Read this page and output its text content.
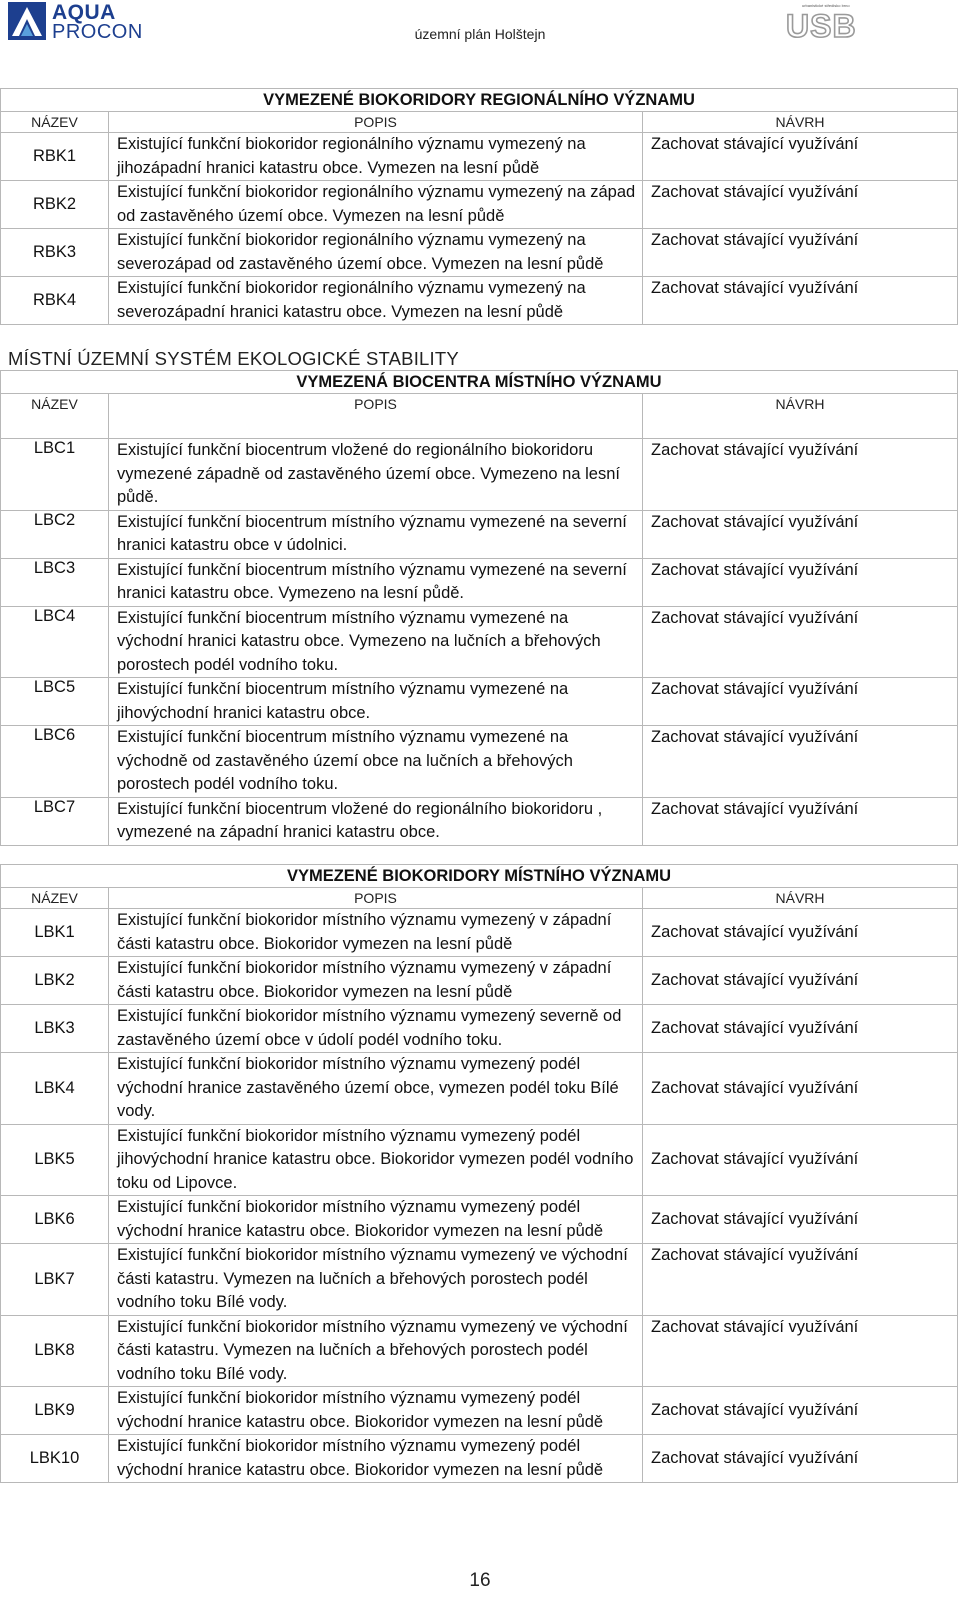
AQUA
PROCON	územní plán Holštejn
urbanistické středisko brno
USB
VYMEZENÉ BIOKORIDORY REGIONÁLNÍHO VÝZNAMU		
NÁZEV	POPIS	NÁVRH
RBK1	Existující funkční biokoridor regionálního významu vymezený na jihozápadní hranici katastru obce. Vymezen na lesní půdě	Zachovat stávající využívání
RBK2	Existující funkční biokoridor regionálního významu vymezený na západ od zastavěného území obce. Vymezen na lesní půdě	Zachovat stávající využívání
RBK3	Existující funkční biokoridor regionálního významu vymezený na severozápad od zastavěného území obce. Vymezen na lesní půdě	Zachovat stávající využívání
RBK4	Existující funkční biokoridor regionálního významu vymezený na severozápadní hranici katastru obce. Vymezen na lesní půdě	Zachovat stávající využívání
MÍSTNÍ ÚZEMNÍ SYSTÉM EKOLOGICKÉ STABILITY
VYMEZENÁ BIOCENTRA MÍSTNÍHO VÝZNAMU		
NÁZEV	POPIS	NÁVRH
LBC1	Existující funkční biocentrum vložené do regionálního biokoridoru vymezené západně od zastavěného území obce. Vymezeno na lesní půdě.	Zachovat stávající využívání
LBC2	Existující funkční biocentrum místního významu vymezené na severní hranici katastru obce v údolnici.	Zachovat stávající využívání
LBC3	Existující funkční biocentrum místního významu vymezené na severní hranici katastru obce. Vymezeno na lesní půdě.	Zachovat stávající využívání
LBC4	Existující funkční biocentrum místního významu vymezené na východní hranici katastru obce. Vymezeno na lučních a břehových porostech podél vodního toku.	Zachovat stávající využívání
LBC5	Existující funkční biocentrum místního významu vymezené na jihovýchodní hranici katastru obce.	Zachovat stávající využívání
LBC6	Existující funkční biocentrum místního významu vymezené na východně od zastavěného území obce na lučních a břehových porostech podél vodního toku.	Zachovat stávající využívání
LBC7	Existující funkční biocentrum vložené do regionálního biokoridoru , vymezené na západní hranici katastru obce.	Zachovat stávající využívání
VYMEZENÉ BIOKORIDORY MÍSTNÍHO VÝZNAMU		
NÁZEV	POPIS	NÁVRH
LBK1	Existující funkční biokoridor místního významu vymezený v západní části katastru obce. Biokoridor vymezen na lesní půdě	Zachovat stávající využívání
LBK2	Existující funkční biokoridor místního významu vymezený v západní části katastru obce. Biokoridor vymezen na lesní půdě	Zachovat stávající využívání
LBK3	Existující funkční biokoridor místního významu vymezený severně od zastavěného území obce v údolí podél vodního toku.	Zachovat stávající využívání
LBK4	Existující funkční biokoridor místního významu vymezený podél východní hranice zastavěného území obce, vymezen podél toku Bílé vody.	Zachovat stávající využívání
LBK5	Existující funkční biokoridor místního významu vymezený podél jihovýchodní hranice katastru obce. Biokoridor vymezen podél vodního toku od Lipovce.	Zachovat stávající využívání
LBK6	Existující funkční biokoridor místního významu vymezený podél východní hranice katastru obce. Biokoridor vymezen na lesní půdě	Zachovat stávající využívání
LBK7	Existující funkční biokoridor místního významu vymezený ve východní části katastru. Vymezen na lučních a břehových porostech podél vodního toku Bílé vody.	Zachovat stávající využívání
LBK8	Existující funkční biokoridor místního významu vymezený ve východní části katastru. Vymezen na lučních a břehových porostech podél vodního toku Bílé vody.	Zachovat stávající využívání
LBK9	Existující funkční biokoridor místního významu vymezený podél východní hranice katastru obce. Biokoridor vymezen na lesní půdě	Zachovat stávající využívání
LBK10	Existující funkční biokoridor místního významu vymezený podél východní hranice katastru obce. Biokoridor vymezen na lesní půdě	Zachovat stávající využívání
16
